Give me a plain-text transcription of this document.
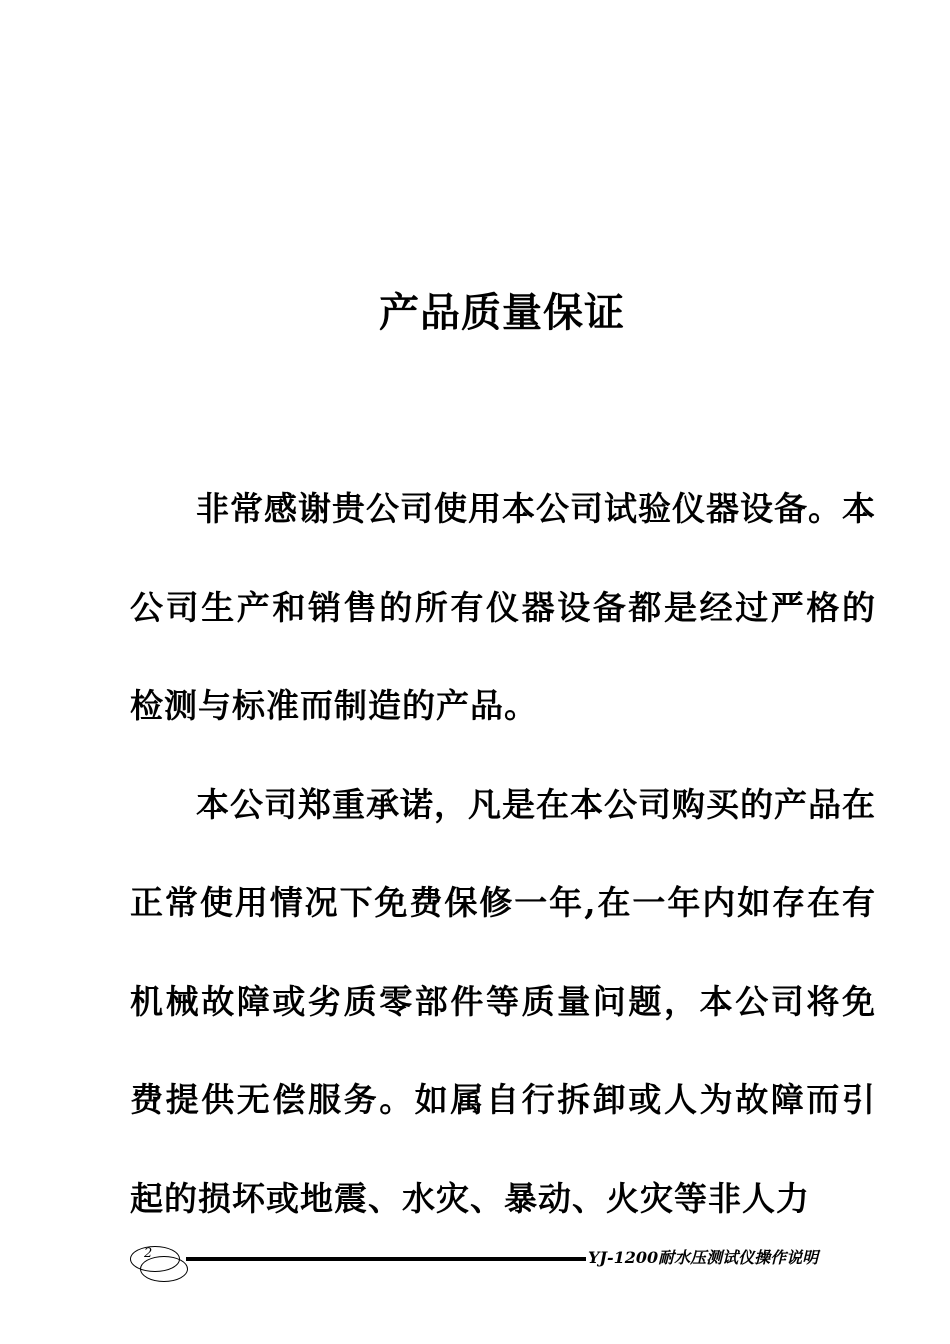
产品质量保证

非常感谢贵公司使用本公司试验仪器设备。本公司生产和销售的所有仪器设备都是经过严格的检测与标准而制造的产品。

本公司郑重承诺，凡是在本公司购买的产品在正常使用情况下免费保修一年,在一年内如存在有机械故障或劣质零部件等质量问题，本公司将免费提供无偿服务。如属自行拆卸或人为故障而引起的损坏或地震、水灾、暴动、火灾等非人力

2	YJ-1200耐水压测试仪操作说明
